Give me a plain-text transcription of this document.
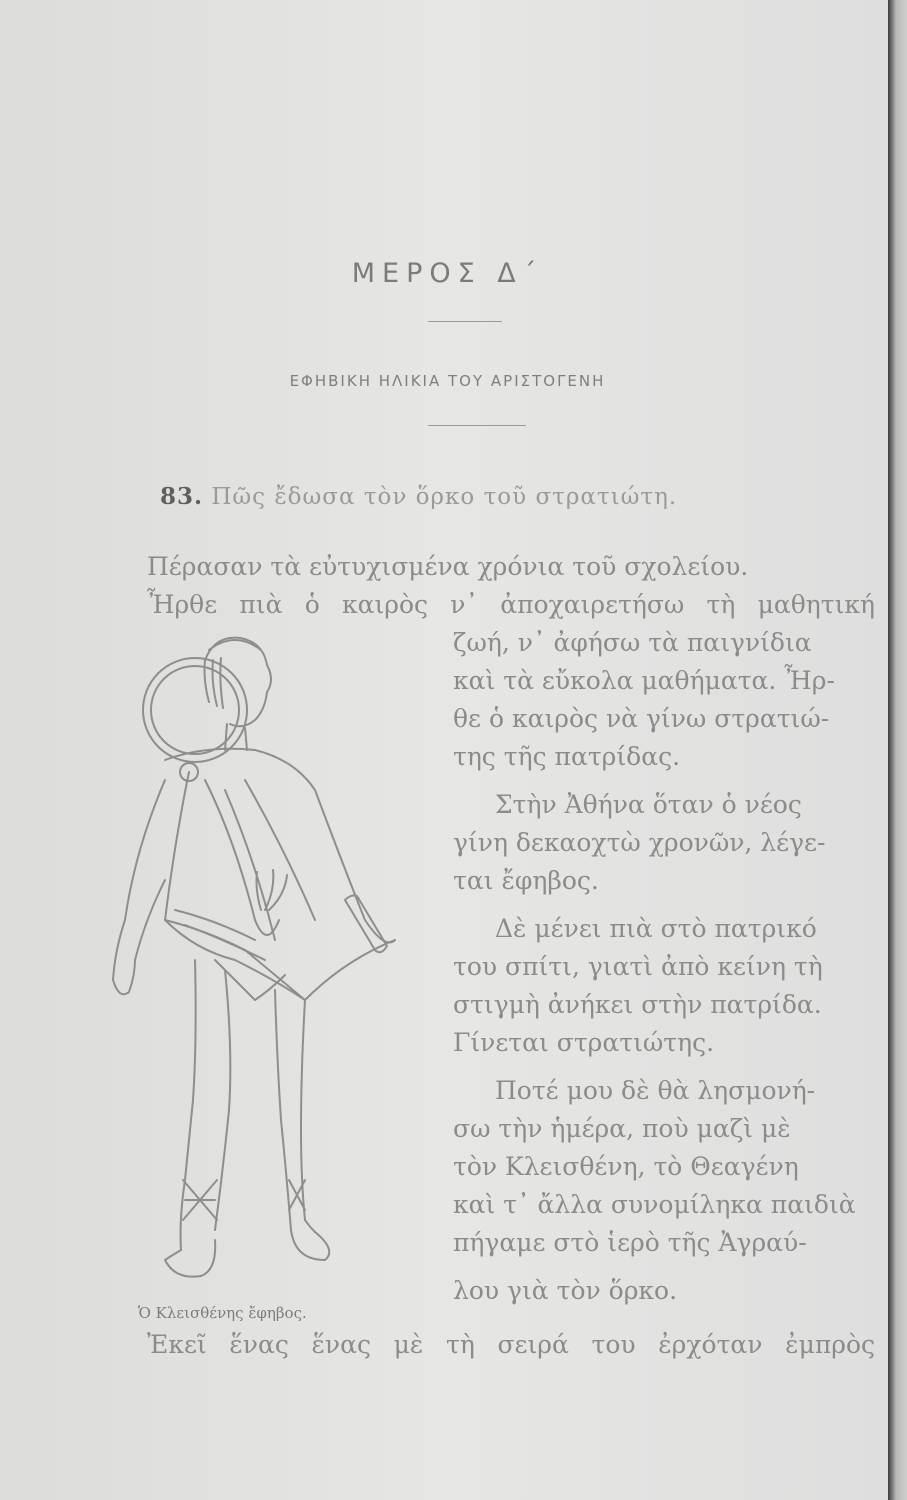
ΜΕΡΟΣ Δ΄
ΕΦΗΒΙΚΗ ΗΛΙΚΙΑ ΤΟΥ ΑΡΙΣΤΟΓΕΝΗ
83. Πῶς ἔδωσα τὸν ὅρκο τοῦ στρατιώτη.
Πέρασαν τὰ εὐτυχισμένα χρόνια τοῦ σχολείου.
Ἦρθε πιὰ ὁ καιρὸς ν᾿ ἀποχαιρετήσω τὴ μαθητική
ζωή, ν᾿ ἀφήσω τὰ παιγνίδια
καὶ τὰ εὔκολα μαθήματα. Ἦρ-
θε ὁ καιρὸς νὰ γίνω στρατιώ-
της τῆς πατρίδας.
Στὴν Ἀθήνα ὅταν ὁ νέος
γίνη δεκαοχτὼ χρονῶν, λέγε-
ται ἔφηβος.
Δὲ μένει πιὰ στὸ πατρικό
του σπίτι, γιατὶ ἀπὸ κείνη τὴ
στιγμὴ ἀνήκει στὴν πατρίδα.
Γίνεται στρατιώτης.
Ποτέ μου δὲ θὰ λησμονή-
σω τὴν ἡμέρα, ποὺ μαζὶ μὲ
τὸν Κλεισθένη, τὸ Θεαγένη
καὶ τ᾿ ἄλλα συνομίληκα παιδιὰ
πήγαμε στὸ ἱερὸ τῆς Ἀγραύ-
λου γιὰ τὸν ὅρκο.
Ἐκεῖ ἕνας ἕνας μὲ τὴ σειρά του ἐρχόταν ἐμπρὸς
Ὁ Κλεισθένης ἔφηβος.
